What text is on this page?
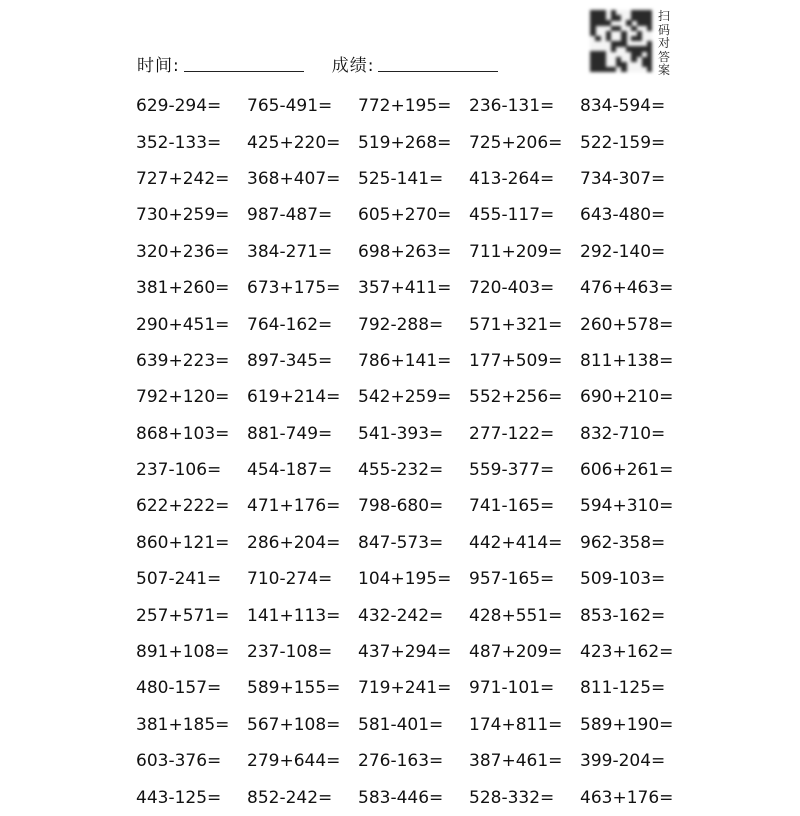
时间:	成绩:
扫
码
对
答
案
629-294=	765-491=	772+195=	236-131=	834-594=
352-133=	425+220=	519+268=	725+206=	522-159=
727+242=	368+407=	525-141=	413-264=	734-307=
730+259=	987-487=	605+270=	455-117=	643-480=
320+236=	384-271=	698+263=	711+209=	292-140=
381+260=	673+175=	357+411=	720-403=	476+463=
290+451=	764-162=	792-288=	571+321=	260+578=
639+223=	897-345=	786+141=	177+509=	811+138=
792+120=	619+214=	542+259=	552+256=	690+210=
868+103=	881-749=	541-393=	277-122=	832-710=
237-106=	454-187=	455-232=	559-377=	606+261=
622+222=	471+176=	798-680=	741-165=	594+310=
860+121=	286+204=	847-573=	442+414=	962-358=
507-241=	710-274=	104+195=	957-165=	509-103=
257+571=	141+113=	432-242=	428+551=	853-162=
891+108=	237-108=	437+294=	487+209=	423+162=
480-157=	589+155=	719+241=	971-101=	811-125=
381+185=	567+108=	581-401=	174+811=	589+190=
603-376=	279+644=	276-163=	387+461=	399-204=
443-125=	852-242=	583-446=	528-332=	463+176=
